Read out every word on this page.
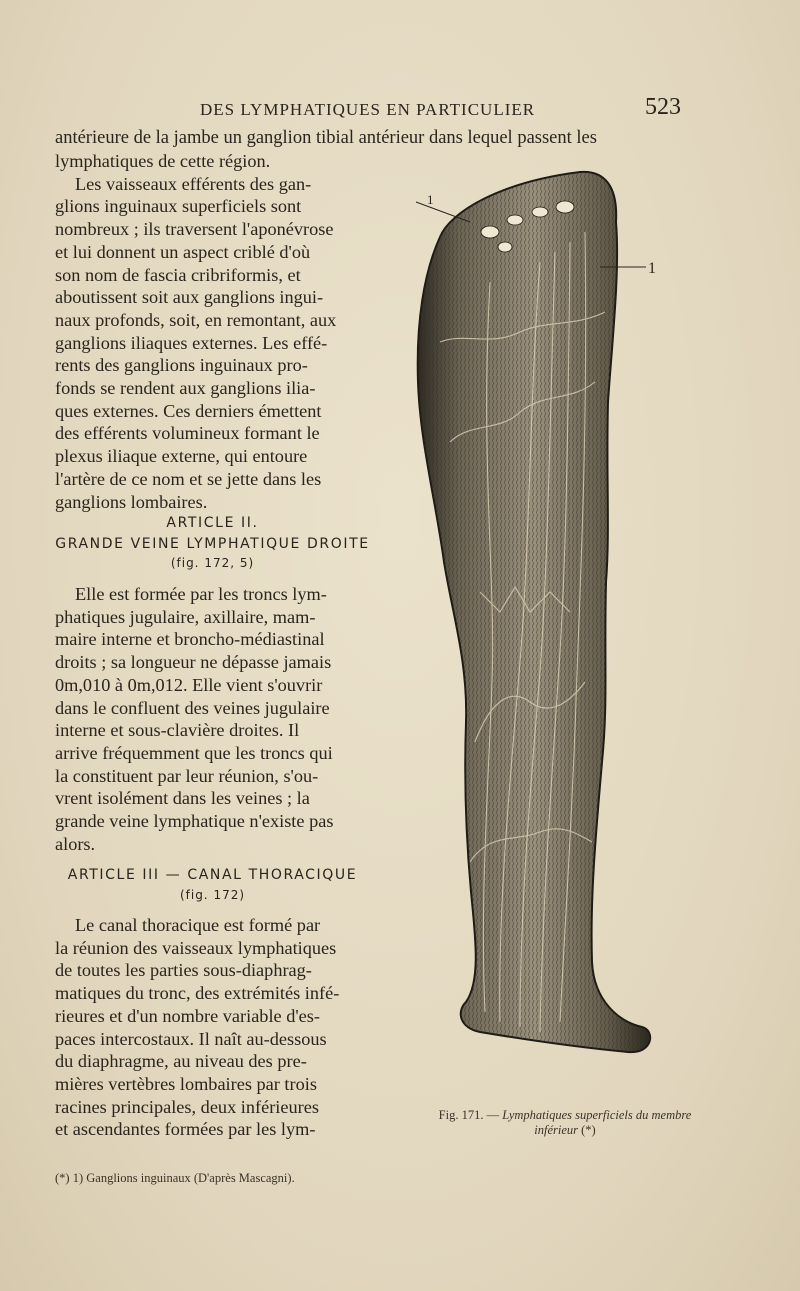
DES LYMPHATIQUES EN PARTICULIER	523
antérieure de la jambe un ganglion tibial antérieur dans lequel passent les
lymphatiques de cette région.
Les vaisseaux efférents des gan-
glions inguinaux superficiels sont
nombreux ; ils traversent l'aponévrose
et lui donnent un aspect criblé d'où
son nom de fascia cribriformis, et
aboutissent soit aux ganglions ingui-
naux profonds, soit, en remontant, aux
ganglions iliaques externes. Les effé-
rents des ganglions inguinaux pro-
fonds se rendent aux ganglions ilia-
ques externes. Ces derniers émettent
des efférents volumineux formant le
plexus iliaque externe, qui entoure
l'artère de ce nom et se jette dans les
ganglions lombaires.
ARTICLE II.
GRANDE VEINE LYMPHATIQUE DROITE
(fig. 172, 5)
Elle est formée par les troncs lym-
phatiques jugulaire, axillaire, mam-
maire interne et broncho-médiastinal
droits ; sa longueur ne dépasse jamais
0m,010 à 0m,012. Elle vient s'ouvrir
dans le confluent des veines jugulaire
interne et sous-clavière droites. Il
arrive fréquemment que les troncs qui
la constituent par leur réunion, s'ou-
vrent isolément dans les veines ; la
grande veine lymphatique n'existe pas
alors.
ARTICLE III — CANAL THORACIQUE
(fig. 172)
Le canal thoracique est formé par
la réunion des vaisseaux lymphatiques
de toutes les parties sous-diaphrag-
matiques du tronc, des extrémités infé-
rieures et d'un nombre variable d'es-
paces intercostaux. Il naît au-dessous
du diaphragme, au niveau des pre-
mières vertèbres lombaires par trois
racines principales, deux inférieures
et ascendantes formées par les lym-
1
1
Fig. 171. — Lymphatiques superficiels du membre inférieur (*)
(*) 1) Ganglions inguinaux (D'après Mascagni).
